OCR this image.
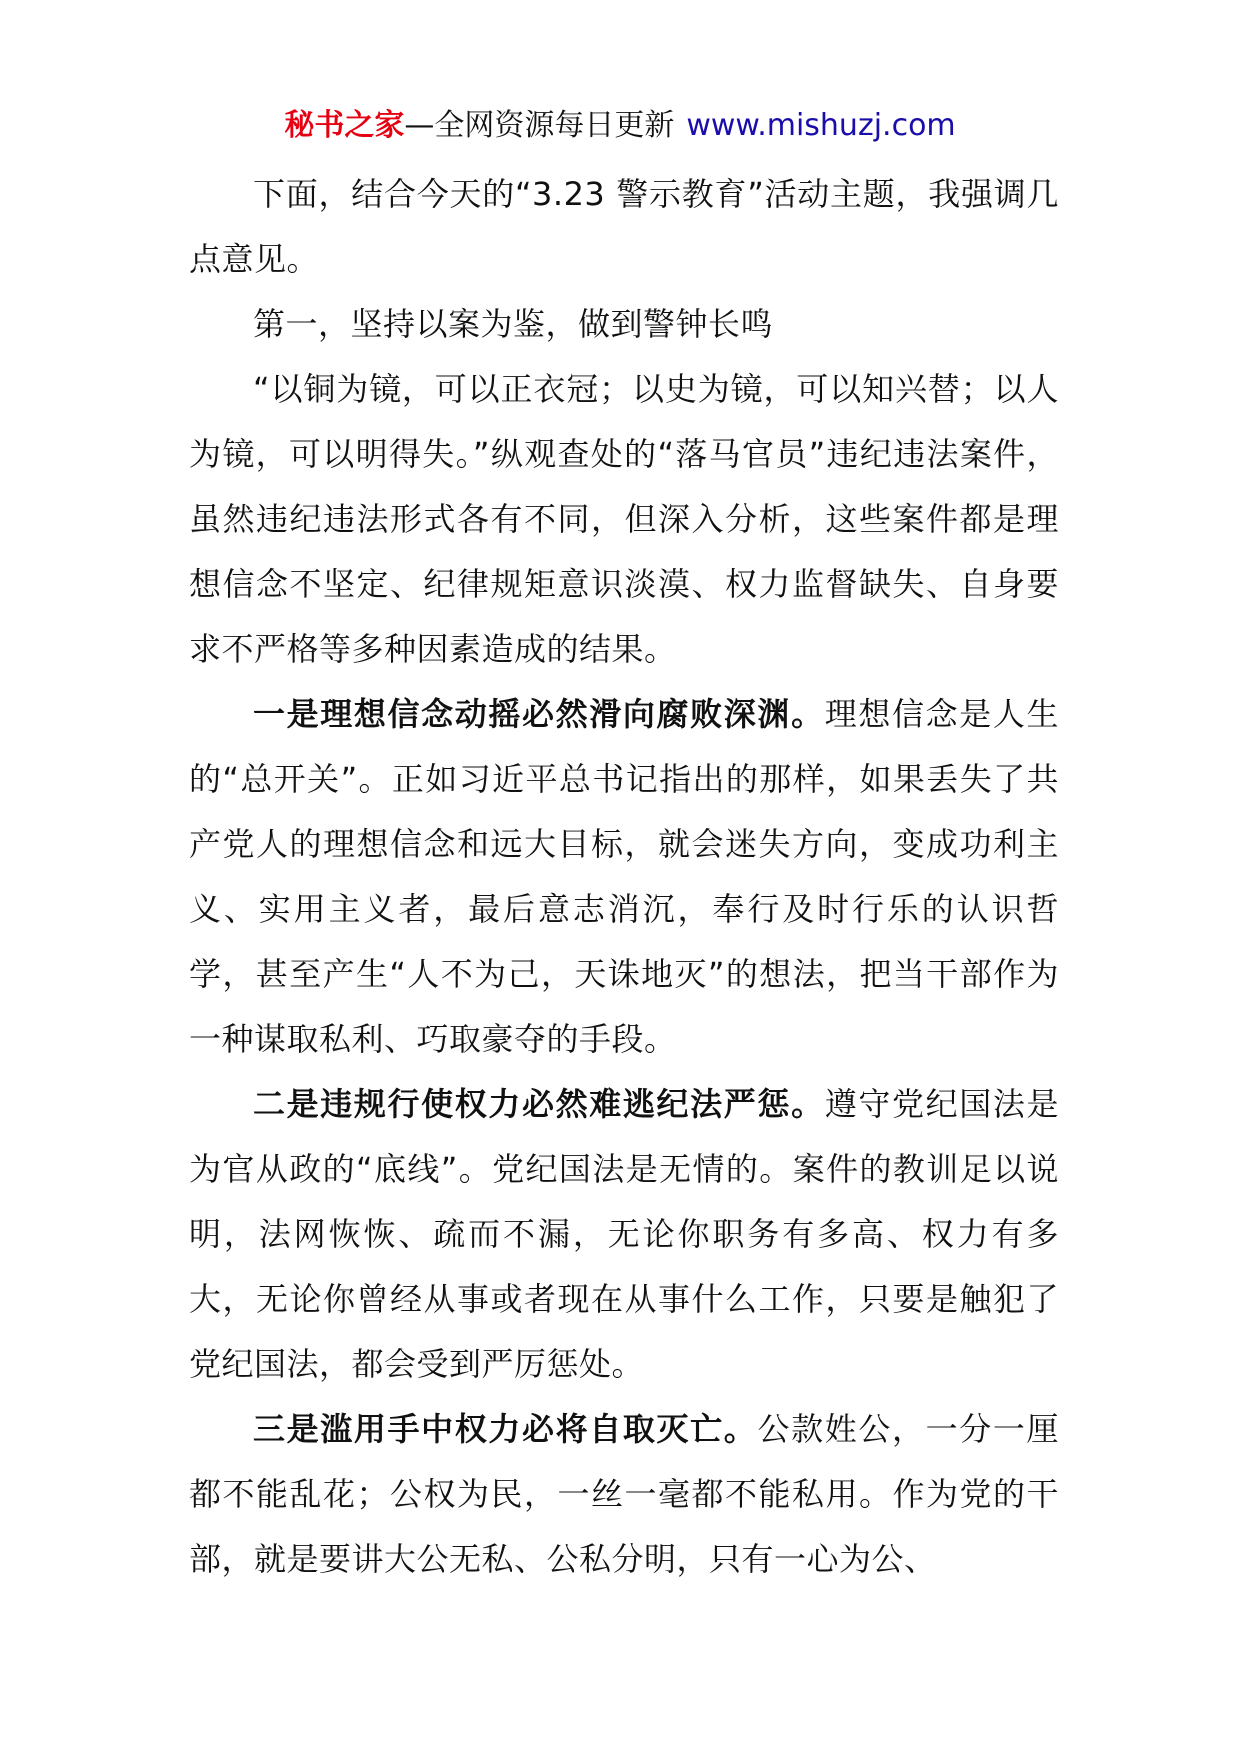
秘书之家—全网资源每日更新 www.mishuzj.com

下面，结合今天的“3.23 警示教育”活动主题，我强调几点意见。

第一，坚持以案为鉴，做到警钟长鸣

“以铜为镜，可以正衣冠；以史为镜，可以知兴替；以人为镜，可以明得失。”纵观查处的“落马官员”违纪违法案件，虽然违纪违法形式各有不同，但深入分析，这些案件都是理想信念不坚定、纪律规矩意识淡漠、权力监督缺失、自身要求不严格等多种因素造成的结果。

一是理想信念动摇必然滑向腐败深渊。理想信念是人生的“总开关”。正如习近平总书记指出的那样，如果丢失了共产党人的理想信念和远大目标，就会迷失方向，变成功利主义、实用主义者，最后意志消沉，奉行及时行乐的认识哲学，甚至产生“人不为己，天诛地灭”的想法，把当干部作为一种谋取私利、巧取豪夺的手段。

二是违规行使权力必然难逃纪法严惩。遵守党纪国法是为官从政的“底线”。党纪国法是无情的。案件的教训足以说明，法网恢恢、疏而不漏，无论你职务有多高、权力有多大，无论你曾经从事或者现在从事什么工作，只要是触犯了党纪国法，都会受到严厉惩处。

三是滥用手中权力必将自取灭亡。公款姓公，一分一厘都不能乱花；公权为民，一丝一毫都不能私用。作为党的干部，就是要讲大公无私、公私分明，只有一心为公、
